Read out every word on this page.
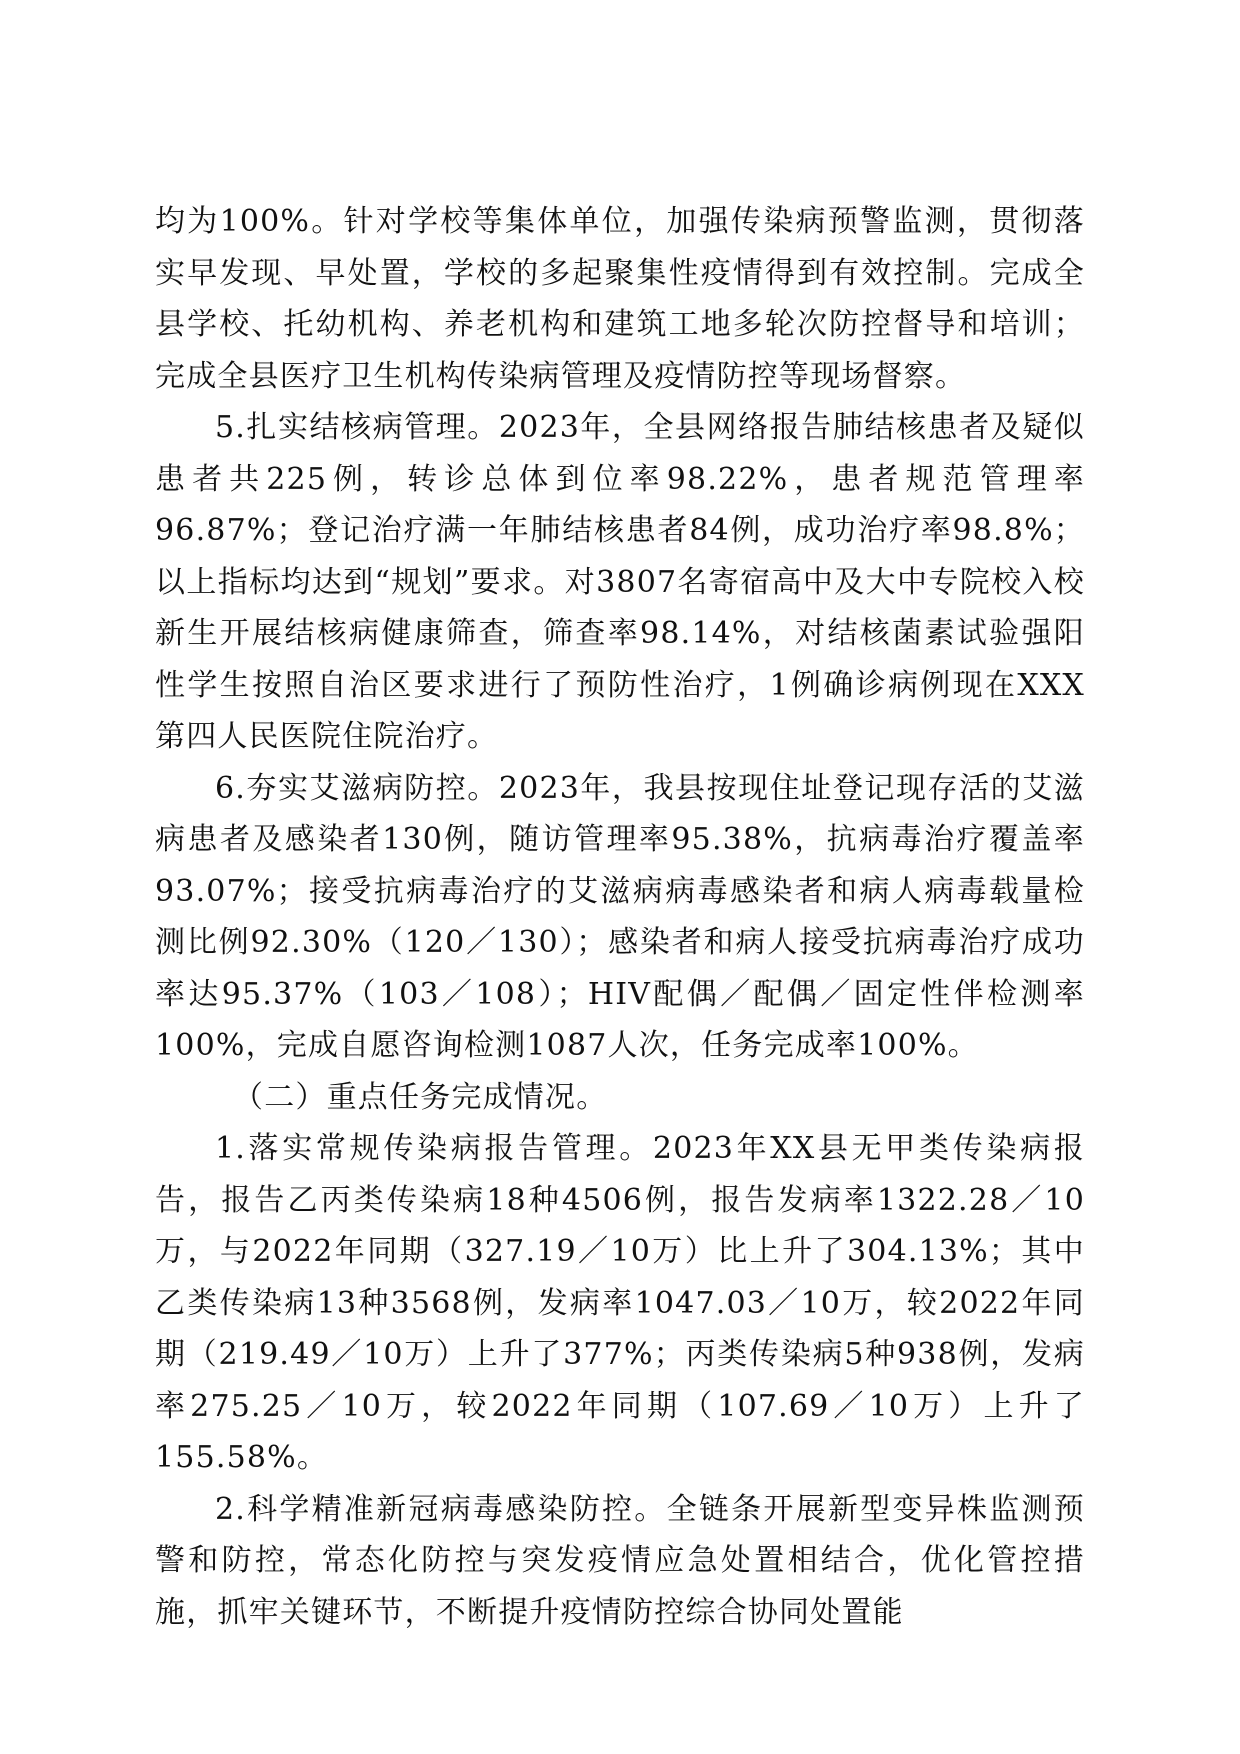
均为100%。针对学校等集体单位，加强传染病预警监测，贯彻落实早发现、早处置，学校的多起聚集性疫情得到有效控制。完成全县学校、托幼机构、养老机构和建筑工地多轮次防控督导和培训；完成全县医疗卫生机构传染病管理及疫情防控等现场督察。

5.扎实结核病管理。2023年，全县网络报告肺结核患者及疑似患者共225例，转诊总体到位率98.22%，患者规范管理率96.87%；登记治疗满一年肺结核患者84例，成功治疗率98.8%；以上指标均达到“规划”要求。对3807名寄宿高中及大中专院校入校新生开展结核病健康筛查，筛查率98.14%，对结核菌素试验强阳性学生按照自治区要求进行了预防性治疗，1例确诊病例现在XXX第四人民医院住院治疗。

6.夯实艾滋病防控。2023年，我县按现住址登记现存活的艾滋病患者及感染者130例，随访管理率95.38%，抗病毒治疗覆盖率93.07%；接受抗病毒治疗的艾滋病病毒感染者和病人病毒载量检测比例92.30%（120／130）；感染者和病人接受抗病毒治疗成功率达95.37%（103／108）；HIV配偶／配偶／固定性伴检测率100%，完成自愿咨询检测1087人次，任务完成率100%。

（二）重点任务完成情况。

1.落实常规传染病报告管理。2023年XX县无甲类传染病报告，报告乙丙类传染病18种4506例，报告发病率1322.28／10万，与2022年同期（327.19／10万）比上升了304.13%；其中乙类传染病13种3568例，发病率1047.03／10万，较2022年同期（219.49／10万）上升了377%；丙类传染病5种938例，发病率275.25／10万，较2022年同期（107.69／10万）上升了155.58%。

2.科学精准新冠病毒感染防控。全链条开展新型变异株监测预警和防控，常态化防控与突发疫情应急处置相结合，优化管控措施，抓牢关键环节，不断提升疫情防控综合协同处置能
